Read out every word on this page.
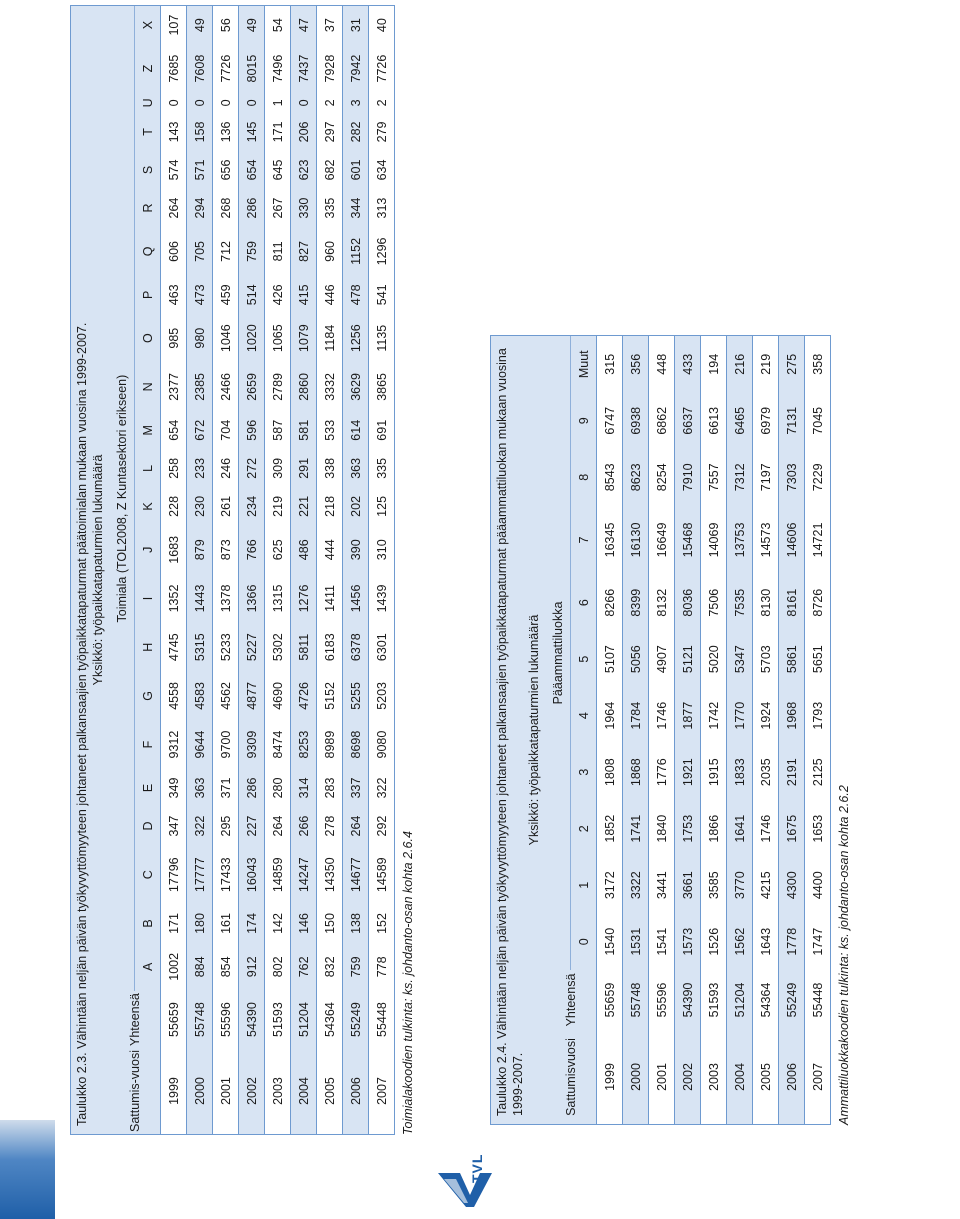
20	TVL
Taulukko 2.3. Vähintään neljän päivän työkyvyttömyyteen johtaneet palkansaajien työpaikkatapaturmat päätoimialan mukaan vuosina 1999-2007. Yksikkö: työpaikkatapaturmien lukumäärä
Sattumis-vuosi	Yhteensä	Toimiala (TOL2008, Z Kuntasektori erikseen)																						
		A	B	C	D	E	F	G	H	I	J	K	L	M	N	O	P	Q	R	S	T	U	Z	X
1999	55659	1002	171	17796	347	349	9312	4558	4745	1352	1683	228	258	654	2377	985	463	606	264	574	143	0	7685	107
2000	55748	884	180	17777	322	363	9644	4583	5315	1443	879	230	233	672	2385	980	473	705	294	571	158	0	7608	49
2001	55596	854	161	17433	295	371	9700	4562	5233	1378	873	261	246	704	2466	1046	459	712	268	656	136	0	7726	56
2002	54390	912	174	16043	227	286	9309	4877	5227	1366	766	234	272	596	2659	1020	514	759	286	654	145	0	8015	49
2003	51593	802	142	14859	264	280	8474	4690	5302	1315	625	219	309	587	2789	1065	426	811	267	645	171	1	7496	54
2004	51204	762	146	14247	266	314	8253	4726	5811	1276	486	221	291	581	2860	1079	415	827	330	623	206	0	7437	47
2005	54364	832	150	14350	278	283	8989	5152	6183	1411	444	218	338	533	3332	1184	446	960	335	682	297	2	7928	37
2006	55249	759	138	14677	264	337	8698	5255	6378	1456	390	202	363	614	3629	1256	478	1152	344	601	282	3	7942	31
2007	55448	778	152	14589	292	322	9080	5203	6301	1439	310	125	335	691	3865	1135	541	1296	313	634	279	2	7726	40
Toimialakoodien tulkinta: ks. johdanto-osan kohta 2.6.4	Taulukko 2.4. Vähintään neljän päivän työkyvyttömyyteen johtaneet palkansaajien työpaikkatapaturmat pääammattiluokan mukaan vuosina 1999-2007.
Yksikkö: työpaikkatapaturmien lukumäärä
Sattumisvuosi	Yhteensä	Pääammattiluokka										
		0	1	2	3	4	5	6	7	8	9	Muut
1999	55659	1540	3172	1852	1808	1964	5107	8266	16345	8543	6747	315
2000	55748	1531	3322	1741	1868	1784	5056	8399	16130	8623	6938	356
2001	55596	1541	3441	1840	1776	1746	4907	8132	16649	8254	6862	448
2002	54390	1573	3661	1753	1921	1877	5121	8036	15468	7910	6637	433
2003	51593	1526	3585	1866	1915	1742	5020	7506	14069	7557	6613	194
2004	51204	1562	3770	1641	1833	1770	5347	7535	13753	7312	6465	216
2005	54364	1643	4215	1746	2035	1924	5703	8130	14573	7197	6979	219
2006	55249	1778	4300	1675	2191	1968	5861	8161	14606	7303	7131	275
2007	55448	1747	4400	1653	2125	1793	5651	8726	14721	7229	7045	358
Ammattiluokkakoodien tulkinta: ks. johdanto-osan kohta 2.6.2
